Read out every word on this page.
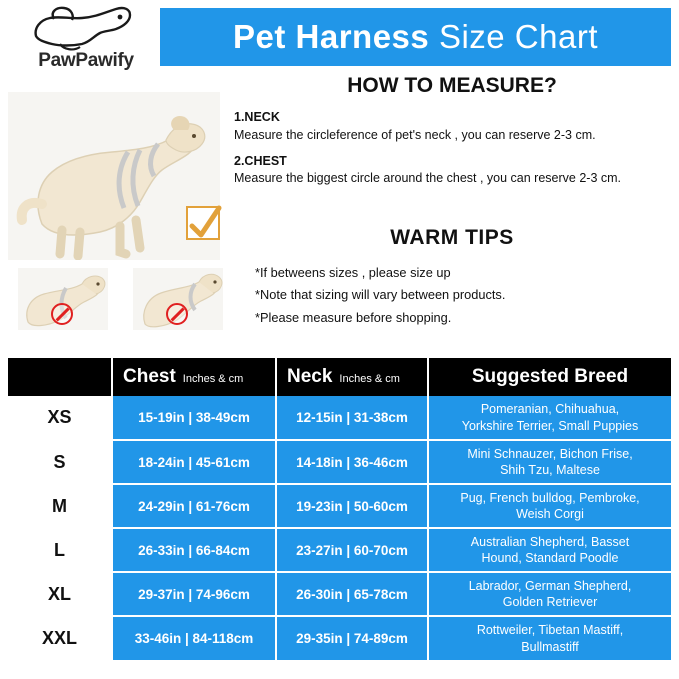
Pet Harness Size Chart
PawPawify
HOW TO MEASURE?
1.NECK
Measure the circleference of pet's neck , you can reserve 2-3 cm.
2.CHEST
Measure the biggest circle around the chest , you can reserve 2-3 cm.
WARM TIPS
*If betweens sizes , please size up
*Note that sizing will vary between products.
*Please measure before shopping.

	Chest Inches & cm	Neck Inches & cm	Suggested Breed

XS	15-19in | 38-49cm	12-15in | 31-38cm	Pomeranian, Chihuahua,
Yorkshire Terrier, Small Puppies
S	18-24in | 45-61cm	14-18in | 36-46cm	Mini Schnauzer, Bichon Frise,
Shih Tzu, Maltese
M	24-29in | 61-76cm	19-23in | 50-60cm	Pug, French bulldog, Pembroke,
Weish Corgi
L	26-33in | 66-84cm	23-27in | 60-70cm	Australian Shepherd, Basset
Hound, Standard Poodle
XL	29-37in | 74-96cm	26-30in | 65-78cm	Labrador, German Shepherd,
Golden Retriever
XXL	33-46in | 84-118cm	29-35in | 74-89cm	Rottweiler, Tibetan Mastiff,
Bullmastiff
